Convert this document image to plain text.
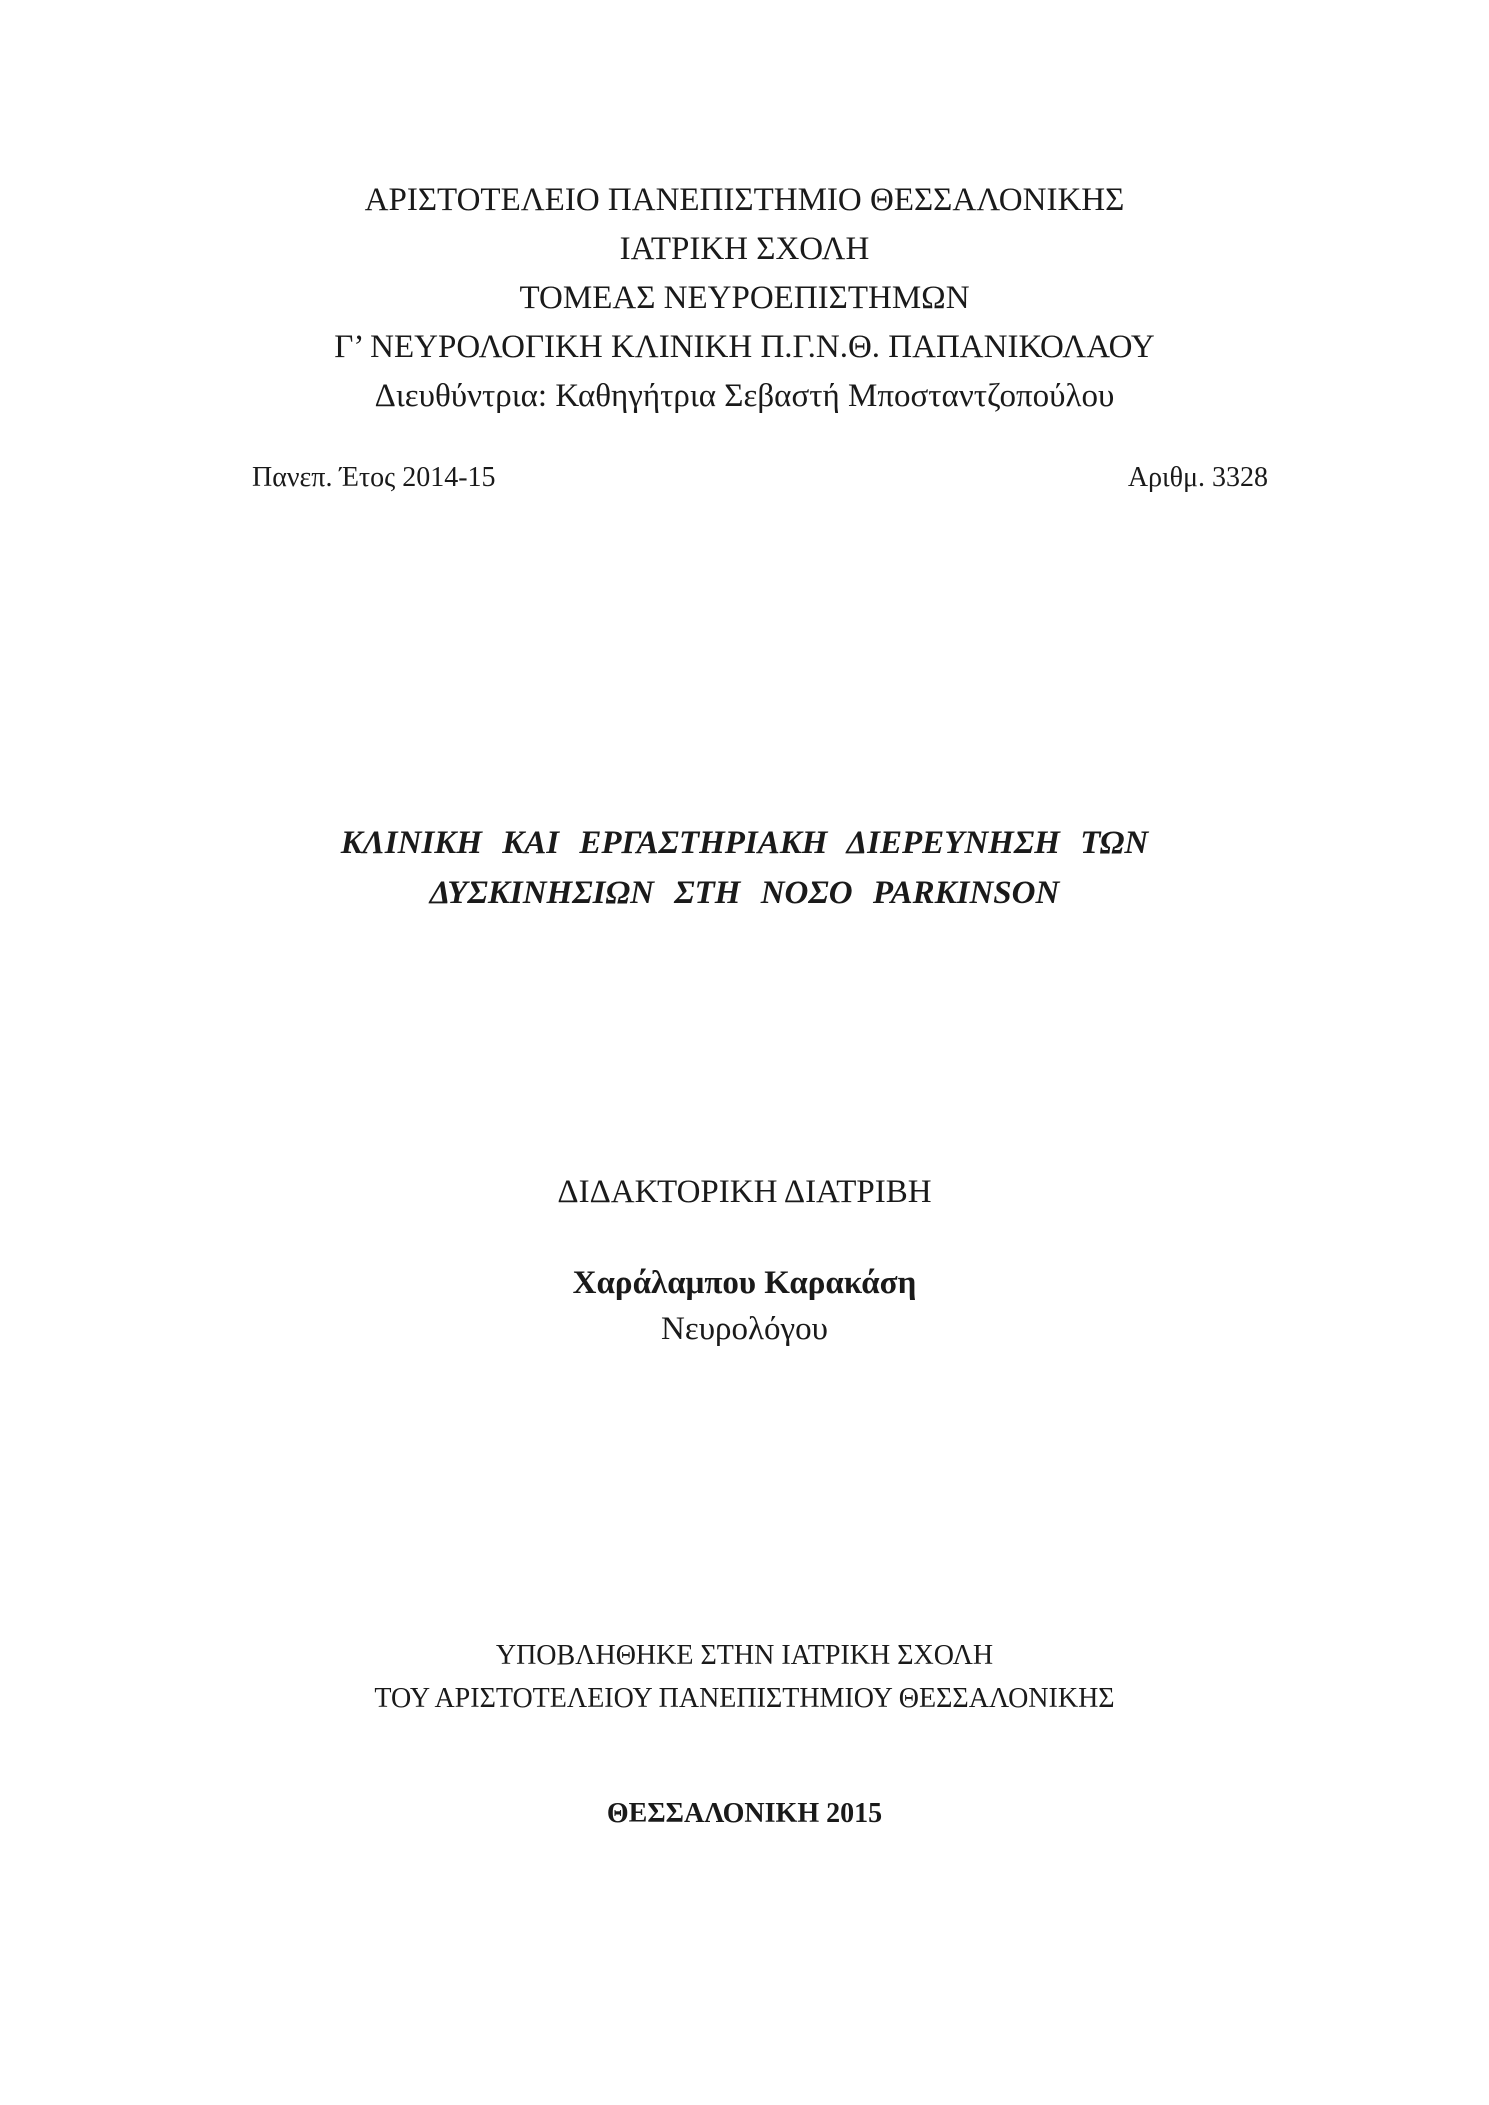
ΑΡΙΣΤΟΤΕΛΕΙΟ ΠΑΝΕΠΙΣΤΗΜΙΟ ΘΕΣΣΑΛΟΝΙΚΗΣ
ΙΑΤΡΙΚΗ ΣΧΟΛΗ
ΤΟΜΕΑΣ ΝΕΥΡΟΕΠΙΣΤΗΜΩΝ
Γ’ ΝΕΥΡΟΛΟΓΙΚΗ ΚΛΙΝΙΚΗ Π.Γ.Ν.Θ. ΠΑΠΑΝΙΚΟΛΑΟΥ
Διευθύντρια: Καθηγήτρια Σεβαστή Μποσταντζοπούλου
Πανεπ. Έτος 2014-15	Αριθμ. 3328
ΚΛΙΝΙΚΗ ΚΑΙ ΕΡΓΑΣΤΗΡΙΑΚΗ ΔΙΕΡΕΥΝΗΣΗ ΤΩΝ
ΔΥΣΚΙΝΗΣΙΩΝ ΣΤΗ ΝΟΣΟ PARKINSON
ΔΙΔΑΚΤΟΡΙΚΗ ΔΙΑΤΡΙΒΗ
Χαράλαμπου Καρακάση
Νευρολόγου
ΥΠΟΒΛΗΘΗΚΕ ΣΤΗΝ ΙΑΤΡΙΚΗ ΣΧΟΛΗ
ΤΟΥ ΑΡΙΣΤΟΤΕΛΕΙΟΥ ΠΑΝΕΠΙΣΤΗΜΙΟΥ ΘΕΣΣΑΛΟΝΙΚΗΣ
ΘΕΣΣΑΛΟΝΙΚΗ 2015
